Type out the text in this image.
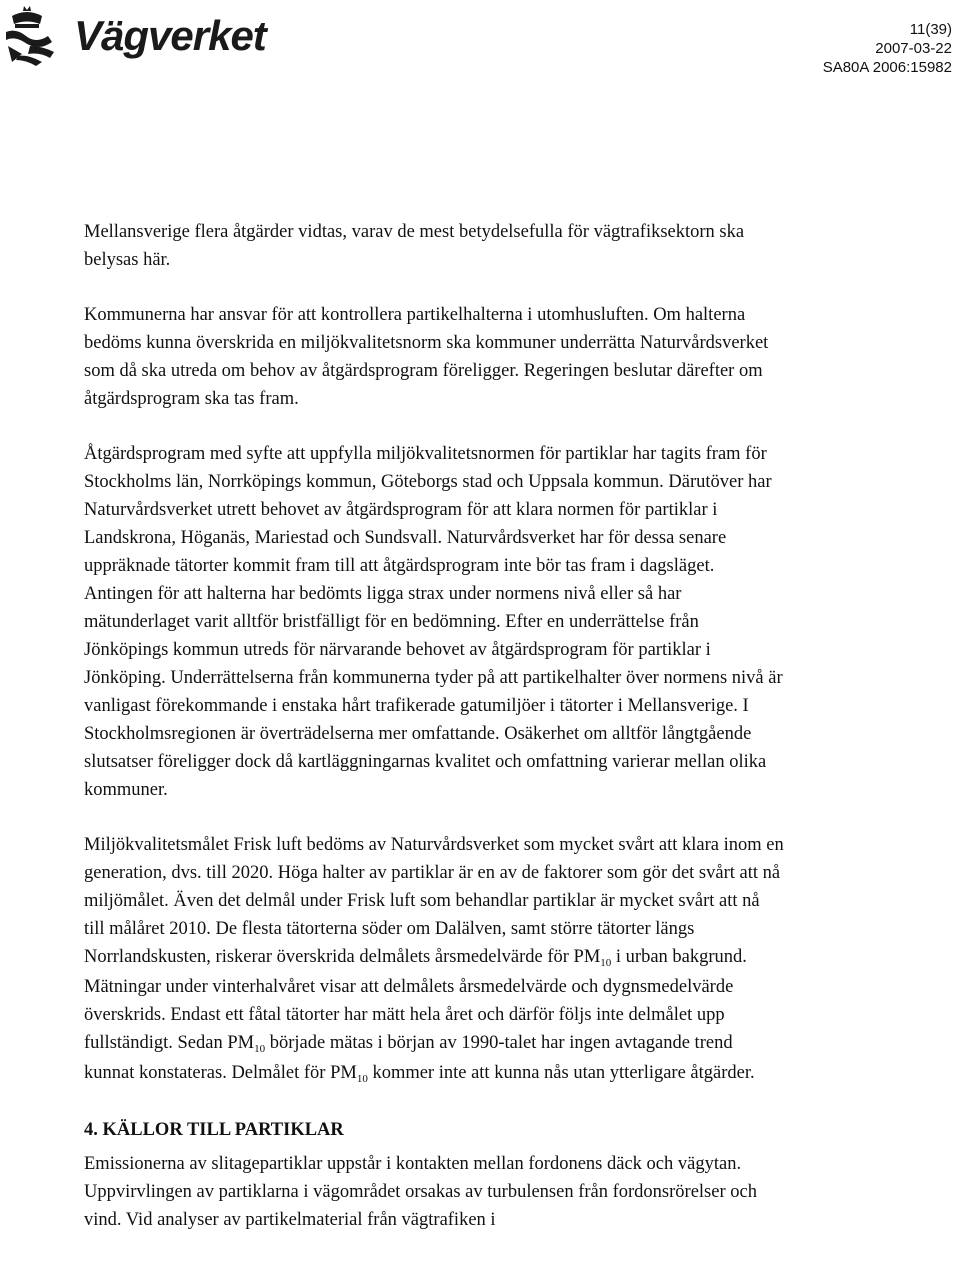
Vägverket	11(39)
2007-03-22
SA80A 2006:15982

Mellansverige flera åtgärder vidtas, varav de mest betydelsefulla för vägtrafiksektorn ska belysas här.

Kommunerna har ansvar för att kontrollera partikelhalterna i utomhusluften. Om halterna bedöms kunna överskrida en miljökvalitetsnorm ska kommuner underrätta Naturvårdsverket som då ska utreda om behov av åtgärdsprogram föreligger. Regeringen beslutar därefter om åtgärdsprogram ska tas fram.

Åtgärdsprogram med syfte att uppfylla miljökvalitetsnormen för partiklar har tagits fram för Stockholms län, Norrköpings kommun, Göteborgs stad och Uppsala kommun. Därutöver har Naturvårdsverket utrett behovet av åtgärdsprogram för att klara normen för partiklar i Landskrona, Höganäs, Mariestad och Sundsvall. Naturvårdsverket har för dessa senare uppräknade tätorter kommit fram till att åtgärdsprogram inte bör tas fram i dagsläget. Antingen för att halterna har bedömts ligga strax under normens nivå eller så har mätunderlaget varit alltför bristfälligt för en bedömning. Efter en underrättelse från Jönköpings kommun utreds för närvarande behovet av åtgärdsprogram för partiklar i Jönköping. Underrättelserna från kommunerna tyder på att partikelhalter över normens nivå är vanligast förekommande i enstaka hårt trafikerade gatumiljöer i tätorter i Mellansverige. I Stockholmsregionen är överträdelserna mer omfattande. Osäkerhet om alltför långtgående slutsatser föreligger dock då kartläggningarnas kvalitet och omfattning varierar mellan olika kommuner.

Miljökvalitetsmålet Frisk luft bedöms av Naturvårdsverket som mycket svårt att klara inom en generation, dvs. till 2020. Höga halter av partiklar är en av de faktorer som gör det svårt att nå miljömålet. Även det delmål under Frisk luft som behandlar partiklar är mycket svårt att nå till målåret 2010. De flesta tätorterna söder om Dalälven, samt större tätorter längs Norrlandskusten, riskerar överskrida delmålets årsmedelvärde för $PM_{10}$ i urban bakgrund. Mätningar under vinterhalvåret visar att delmålets årsmedelvärde och dygnsmedelvärde överskrids. Endast ett fåtal tätorter har mätt hela året och därför följs inte delmålet upp fullständigt. Sedan $PM_{10}$ började mätas i början av 1990-talet har ingen avtagande trend kunnat konstateras. Delmålet för $PM_{10}$ kommer inte att kunna nås utan ytterligare åtgärder.

4. KÄLLOR TILL PARTIKLAR

Emissionerna av slitagepartiklar uppstår i kontakten mellan fordonens däck och vägytan. Uppvirvlingen av partiklarna i vägområdet orsakas av turbulensen från fordonsrörelser och vind. Vid analyser av partikelmaterial från vägtrafiken i
